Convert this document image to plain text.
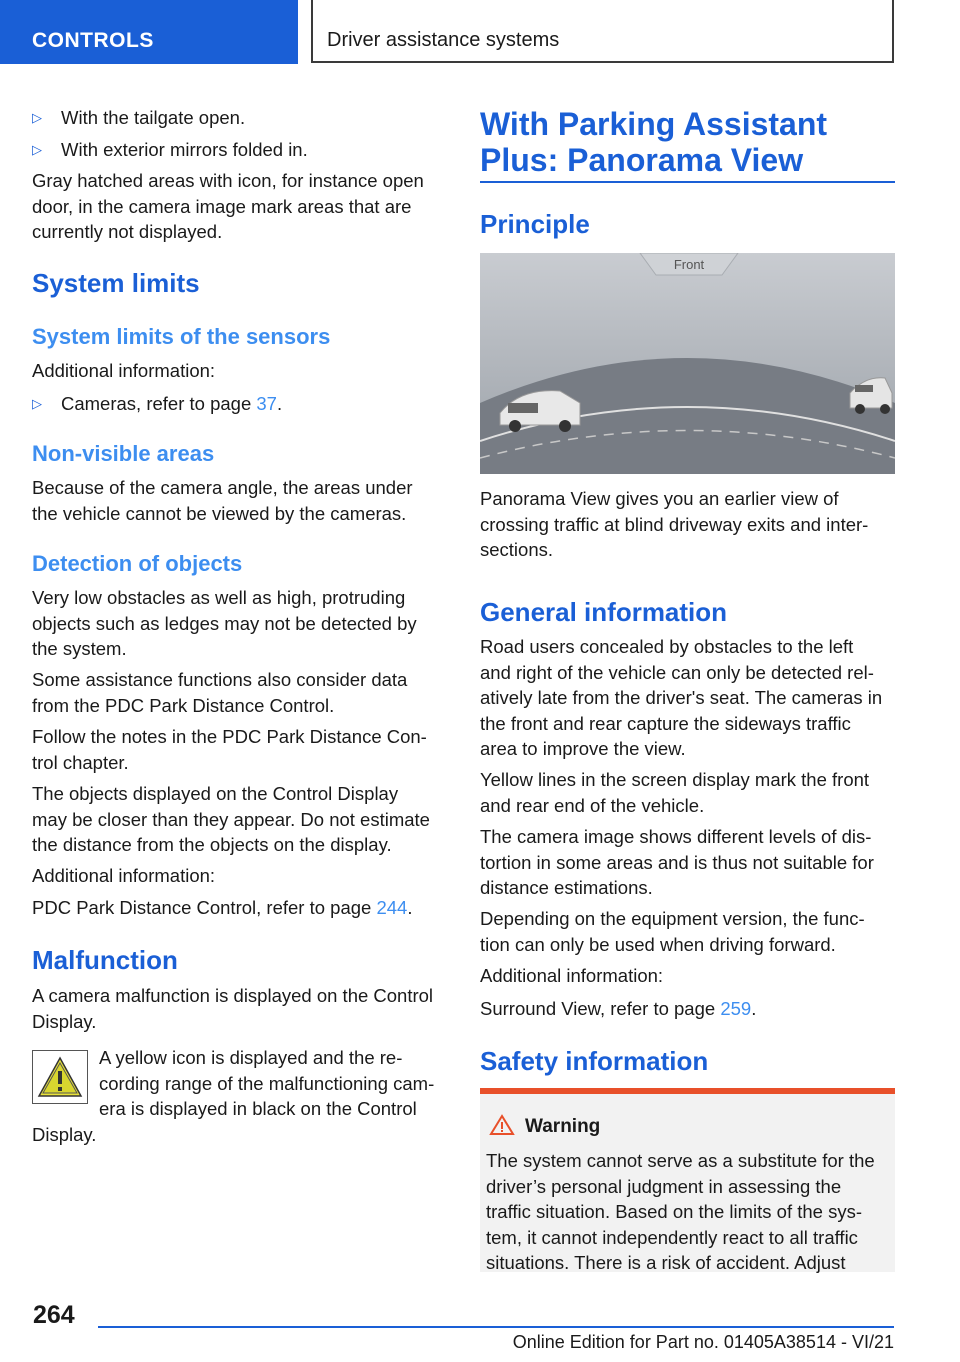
CONTROLS	Driver assistance systems
▷ With the tailgate open.
▷ With exterior mirrors folded in.
Gray hatched areas with icon, for instance open
door, in the camera image mark areas that are
currently not displayed.
System limits
System limits of the sensors
Additional information:
▷ Cameras, refer to page 37.
Non-visible areas
Because of the camera angle, the areas under
the vehicle cannot be viewed by the cameras.
Detection of objects
Very low obstacles as well as high, protruding
objects such as ledges may not be detected by
the system.
Some assistance functions also consider data
from the PDC Park Distance Control.
Follow the notes in the PDC Park Distance Con-
trol chapter.
The objects displayed on the Control Display
may be closer than they appear. Do not estimate
the distance from the objects on the display.
Additional information:
PDC Park Distance Control, refer to page 244.
Malfunction
A camera malfunction is displayed on the Control
Display.
A yellow icon is displayed and the re-
cording range of the malfunctioning cam-
era is displayed in black on the Control
Display.
With Parking Assistant
Plus: Panorama View
Principle
Front
Panorama View gives you an earlier view of
crossing traffic at blind driveway exits and inter-
sections.
General information
Road users concealed by obstacles to the left
and right of the vehicle can only be detected rel-
atively late from the driver's seat. The cameras in
the front and rear capture the sideways traffic
area to improve the view.
Yellow lines in the screen display mark the front
and rear end of the vehicle.
The camera image shows different levels of dis-
tortion in some areas and is thus not suitable for
distance estimations.
Depending on the equipment version, the func-
tion can only be used when driving forward.
Additional information:
Surround View, refer to page 259.
Safety information
Warning
The system cannot serve as a substitute for the
driver’s personal judgment in assessing the
traffic situation. Based on the limits of the sys-
tem, it cannot independently react to all traffic
situations. There is a risk of accident. Adjust
264
Online Edition for Part no. 01405A38514 - VI/21
